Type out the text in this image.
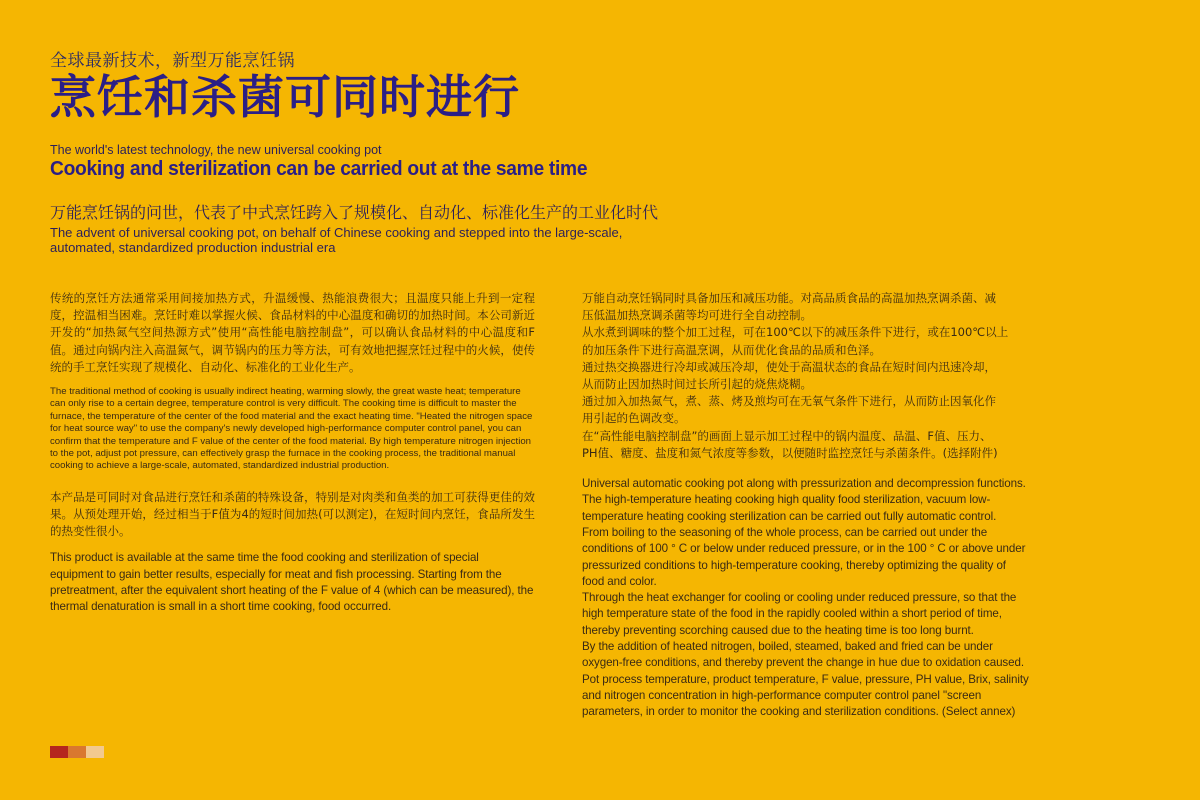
全球最新技术，新型万能烹饪锅
烹饪和杀菌可同时进行
The world's latest technology, the new universal cooking pot
Cooking and sterilization can be carried out at the same time
万能烹饪锅的问世，代表了中式烹饪跨入了规模化、自动化、标准化生产的工业化时代
The advent of universal cooking pot, on behalf of Chinese cooking and stepped into the large-scale, automated, standardized production industrial era

传统的烹饪方法通常采用间接加热方式，升温缓慢、热能浪费很大；且温度只能上升到一定程度，控温相当困难。烹饪时难以掌握火候、食品材料的中心温度和确切的加热时间。本公司新近开发的“加热氮气空间热源方式”使用“高性能电脑控制盘”，可以确认食品材料的中心温度和F值。通过向锅内注入高温氮气，调节锅内的压力等方法，可有效地把握烹饪过程中的火候，使传统的手工烹饪实现了规模化、自动化、标准化的工业化生产。

The traditional method of cooking is usually indirect heating, warming slowly, the great waste heat; temperature can only rise to a certain degree, temperature control is very difficult. The cooking time is difficult to master the furnace, the temperature of the center of the food material and the exact heating time. "Heated the nitrogen space for heat source way" to use the company's newly developed high-performance computer control panel, you can confirm that the temperature and F value of the center of the food material. By high temperature nitrogen injection to the pot, adjust pot pressure, can effectively grasp the furnace in the cooking process, the traditional manual cooking to achieve a large-scale, automated, standardized industrial production.

本产品是可同时对食品进行烹饪和杀菌的特殊设备，特别是对肉类和鱼类的加工可获得更佳的效果。从预处理开始，经过相当于F值为4的短时间加热(可以测定)，在短时间内烹饪，食品所发生的热变性很小。

This product is available at the same time the food cooking and sterilization of special equipment to gain better results, especially for meat and fish processing. Starting from the pretreatment, after the equivalent short heating of the F value of 4 (which can be measured), the thermal denaturation is small in a short time cooking, food occurred.

万能自动烹饪锅同时具备加压和减压功能。对高品质食品的高温加热烹调杀菌、减
压低温加热烹调杀菌等均可进行全自动控制。
从水煮到调味的整个加工过程，可在100℃以下的减压条件下进行，或在100℃以上
的加压条件下进行高温烹调，从而优化食品的品质和色泽。
通过热交换器进行冷却或减压冷却，使处于高温状态的食品在短时间内迅速冷却，
从而防止因加热时间过长所引起的烧焦烧糊。
通过加入加热氮气，煮、蒸、烤及煎均可在无氧气条件下进行，从而防止因氧化作
用引起的色调改变。
在“高性能电脑控制盘”的画面上显示加工过程中的锅内温度、品温、F值、压力、
PH值、糖度、盐度和氮气浓度等参数，以便随时监控烹饪与杀菌条件。(选择附件)

Universal automatic cooking pot along with pressurization and decompression functions.
The high-temperature heating cooking high quality food sterilization, vacuum low-
temperature heating cooking sterilization can be carried out fully automatic control.
From boiling to the seasoning of the whole process, can be carried out under the
conditions of 100 ° C or below under reduced pressure, or in the 100 ° C or above under
pressurized conditions to high-temperature cooking, thereby optimizing the quality of
food and color.
Through the heat exchanger for cooling or cooling under reduced pressure, so that the
high temperature state of the food in the rapidly cooled within a short period of time,
thereby preventing scorching caused due to the heating time is too long burnt.
By the addition of heated nitrogen, boiled, steamed, baked and fried can be under
oxygen-free conditions, and thereby prevent the change in hue due to oxidation caused.
Pot process temperature, product temperature, F value, pressure, PH value, Brix, salinity
and nitrogen concentration in high-performance computer control panel "screen
parameters, in order to monitor the cooking and sterilization conditions. (Select annex)
